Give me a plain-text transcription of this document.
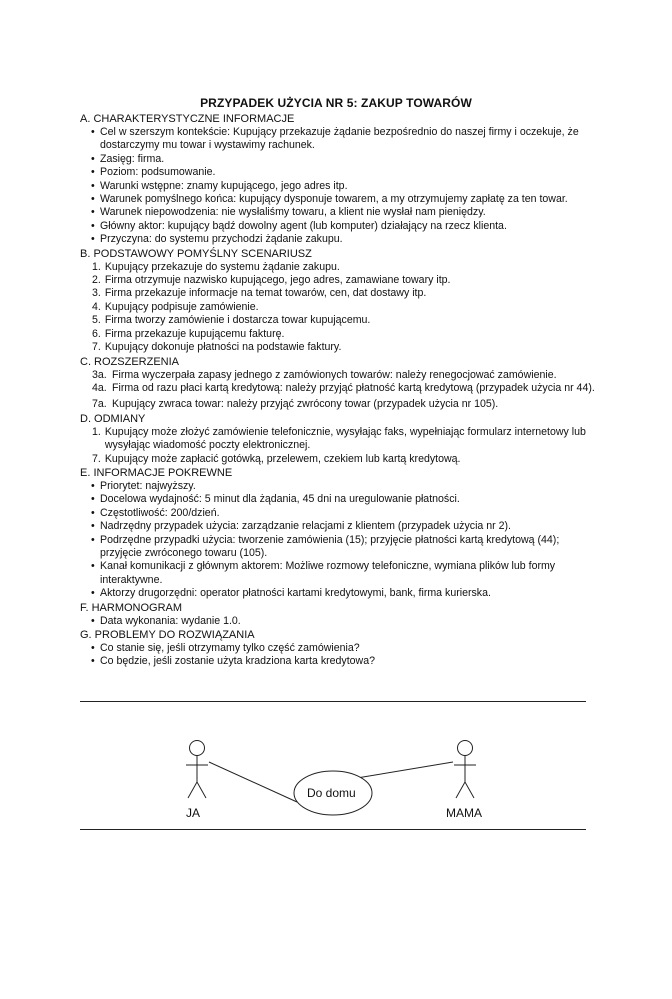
PRZYPADEK UŻYCIA NR 5: ZAKUP TOWARÓW
A. CHARAKTERYSTYCZNE INFORMACJE
• Cel w szerszym kontekście: Kupujący przekazuje żądanie bezpośrednio do naszej firmy i oczekuje, że dostarczymy mu towar i wystawimy rachunek.
• Zasięg: firma.
• Poziom: podsumowanie.
• Warunki wstępne: znamy kupującego, jego adres itp.
• Warunek pomyślnego końca: kupujący dysponuje towarem, a my otrzymujemy zapłatę za ten towar.
• Warunek niepowodzenia: nie wysłaliśmy towaru, a klient nie wysłał nam pieniędzy.
• Główny aktor: kupujący bądź dowolny agent (lub komputer) działający na rzecz klienta.
• Przyczyna: do systemu przychodzi żądanie zakupu.
B. PODSTAWOWY POMYŚLNY SCENARIUSZ
1. Kupujący przekazuje do systemu żądanie zakupu.
2. Firma otrzymuje nazwisko kupującego, jego adres, zamawiane towary itp.
3. Firma przekazuje informacje na temat towarów, cen, dat dostawy itp.
4. Kupujący podpisuje zamówienie.
5. Firma tworzy zamówienie i dostarcza towar kupującemu.
6. Firma przekazuje kupującemu fakturę.
7. Kupujący dokonuje płatności na podstawie faktury.
C. ROZSZERZENIA
3a. Firma wyczerpała zapasy jednego z zamówionych towarów: należy renegocjować zamówienie.
4a. Firma od razu płaci kartą kredytową: należy przyjąć płatność kartą kredytową (przypadek użycia nr 44).
7a. Kupujący zwraca towar: należy przyjąć zwrócony towar (przypadek użycia nr 105).
D. ODMIANY
1. Kupujący może złożyć zamówienie telefonicznie, wysyłając faks, wypełniając formularz internetowy lub wysyłając wiadomość poczty elektronicznej.
7. Kupujący może zapłacić gotówką, przelewem, czekiem lub kartą kredytową.
E. INFORMACJE POKREWNE
• Priorytet: najwyższy.
• Docelowa wydajność: 5 minut dla żądania, 45 dni na uregulowanie płatności.
• Częstotliwość: 200/dzień.
• Nadrzędny przypadek użycia: zarządzanie relacjami z klientem (przypadek użycia nr 2).
• Podrzędne przypadki użycia: tworzenie zamówienia (15); przyjęcie płatności kartą kredytową (44); przyjęcie zwróconego towaru (105).
• Kanał komunikacji z głównym aktorem: Możliwe rozmowy telefoniczne, wymiana plików lub formy interaktywne.
• Aktorzy drugorzędni: operator płatności kartami kredytowymi, bank, firma kurierska.
F. HARMONOGRAM
• Data wykonania: wydanie 1.0.
G. PROBLEMY DO ROZWIĄZANIA
• Co stanie się, jeśli otrzymamy tylko część zamówienia?
• Co będzie, jeśli zostanie użyta kradziona karta kredytowa?
Do domu
JA	MAMA
